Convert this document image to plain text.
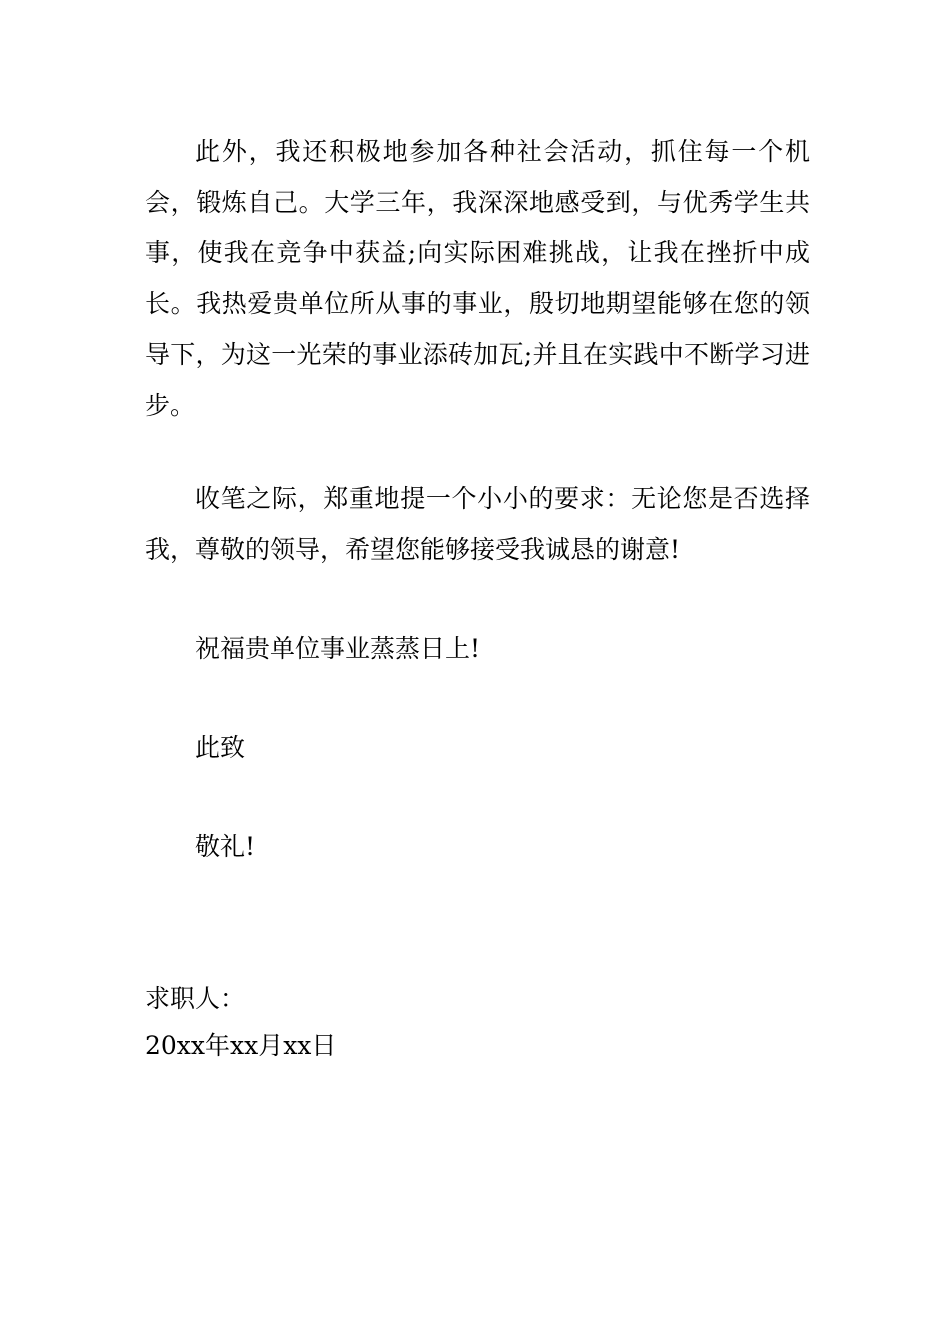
此外，我还积极地参加各种社会活动，抓住每一个机会，锻炼自己。大学三年，我深深地感受到，与优秀学生共事，使我在竞争中获益;向实际困难挑战，让我在挫折中成长。我热爱贵单位所从事的事业，殷切地期望能够在您的领导下，为这一光荣的事业添砖加瓦;并且在实践中不断学习进步。

收笔之际，郑重地提一个小小的要求：无论您是否选择我，尊敬的领导，希望您能够接受我诚恳的谢意!

祝福贵单位事业蒸蒸日上!

此致

敬礼!

求职人：

20xx年xx月xx日
